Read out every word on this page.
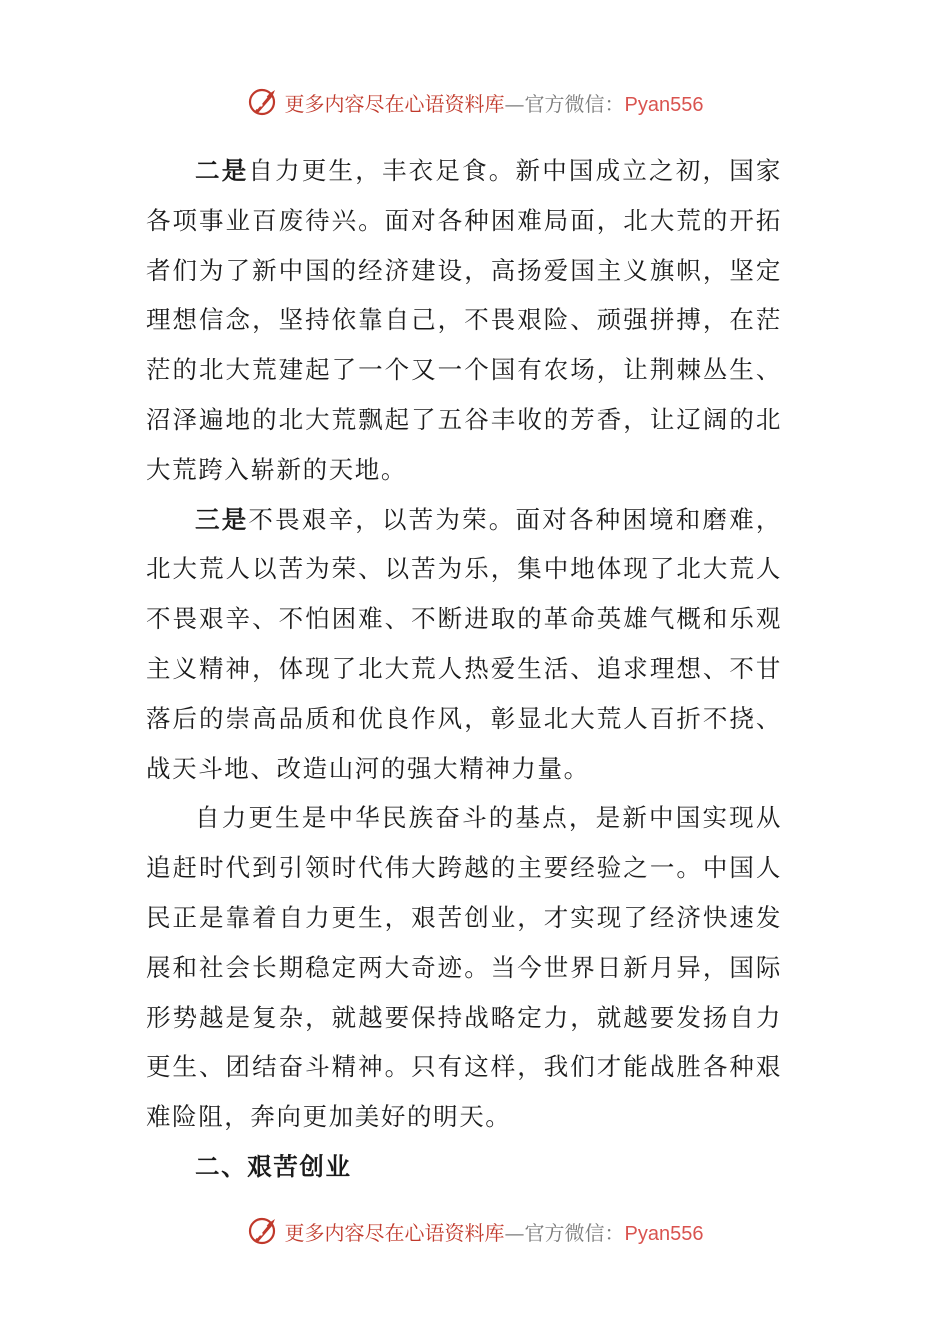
更多内容尽在心语资料库—官方微信：Pyan556

二是自力更生，丰衣足食。新中国成立之初，国家各项事业百废待兴。面对各种困难局面，北大荒的开拓者们为了新中国的经济建设，高扬爱国主义旗帜，坚定理想信念，坚持依靠自己，不畏艰险、顽强拼搏，在茫茫的北大荒建起了一个又一个国有农场，让荆棘丛生、沼泽遍地的北大荒飘起了五谷丰收的芳香，让辽阔的北大荒跨入崭新的天地。

三是不畏艰辛，以苦为荣。面对各种困境和磨难，北大荒人以苦为荣、以苦为乐，集中地体现了北大荒人不畏艰辛、不怕困难、不断进取的革命英雄气概和乐观主义精神，体现了北大荒人热爱生活、追求理想、不甘落后的崇高品质和优良作风，彰显北大荒人百折不挠、战天斗地、改造山河的强大精神力量。

自力更生是中华民族奋斗的基点，是新中国实现从追赶时代到引领时代伟大跨越的主要经验之一。中国人民正是靠着自力更生，艰苦创业，才实现了经济快速发展和社会长期稳定两大奇迹。当今世界日新月异，国际形势越是复杂，就越要保持战略定力，就越要发扬自力更生、团结奋斗精神。只有这样，我们才能战胜各种艰难险阻，奔向更加美好的明天。

二、艰苦创业

更多内容尽在心语资料库—官方微信：Pyan556
